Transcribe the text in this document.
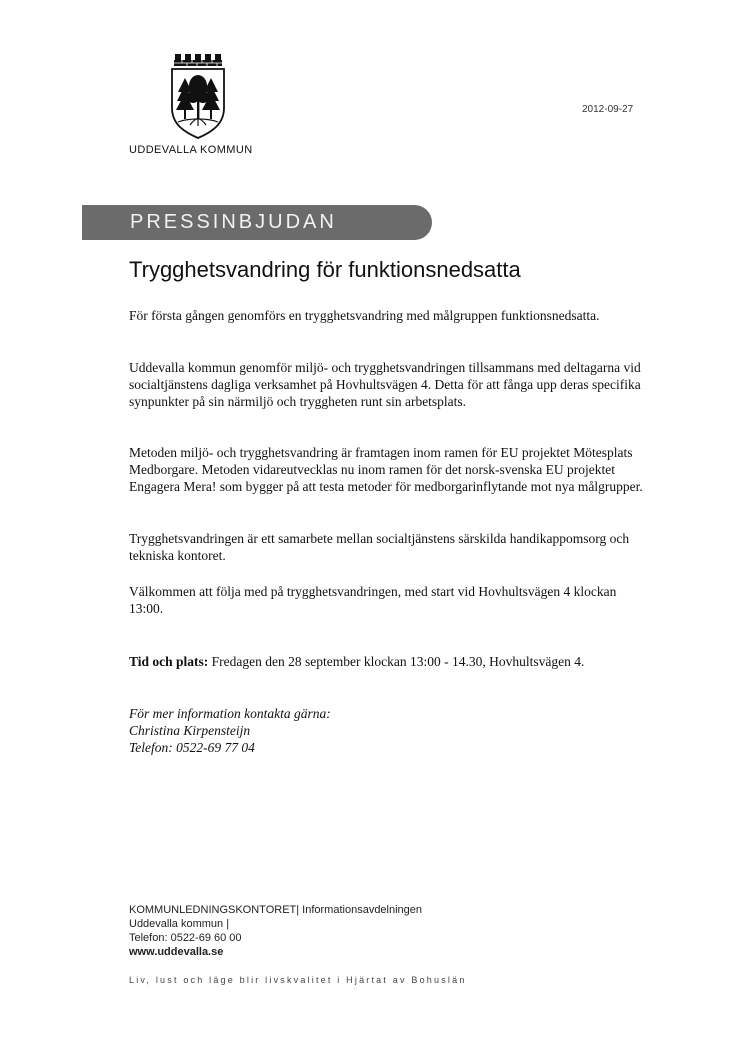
UDDEVALLA KOMMUN
2012-09-27
PRESSINBJUDAN
Trygghetsvandring för funktionsnedsatta

För första gången genomförs en trygghetsvandring med målgruppen funktionsnedsatta.

Uddevalla kommun genomför miljö- och trygghetsvandringen tillsammans med deltagarna vid socialtjänstens dagliga verksamhet på Hovhultsvägen 4. Detta för att fånga upp deras specifika synpunkter på sin närmiljö och tryggheten runt sin arbetsplats.

Metoden miljö- och trygghetsvandring är framtagen inom ramen för EU projektet Mötesplats Medborgare. Metoden vidareutvecklas nu inom ramen för det norsk-svenska EU projektet Engagera Mera! som bygger på att testa metoder för medborgarinflytande mot nya målgrupper.

Trygghetsvandringen är ett samarbete mellan socialtjänstens särskilda handikappomsorg och tekniska kontoret.

Välkommen att följa med på trygghetsvandringen, med start vid Hovhultsvägen 4 klockan 13:00.

Tid och plats: Fredagen den 28 september klockan 13:00 - 14.30, Hovhultsvägen 4.
För mer information kontakta gärna:
Christina Kirpensteijn
Telefon: 0522-69 77 04
KOMMUNLEDNINGSKONTORET| Informationsavdelningen
Uddevalla kommun |
Telefon: 0522-69 60 00
www.uddevalla.se
Liv, lust och läge blir livskvalitet i Hjärtat av Bohuslän
